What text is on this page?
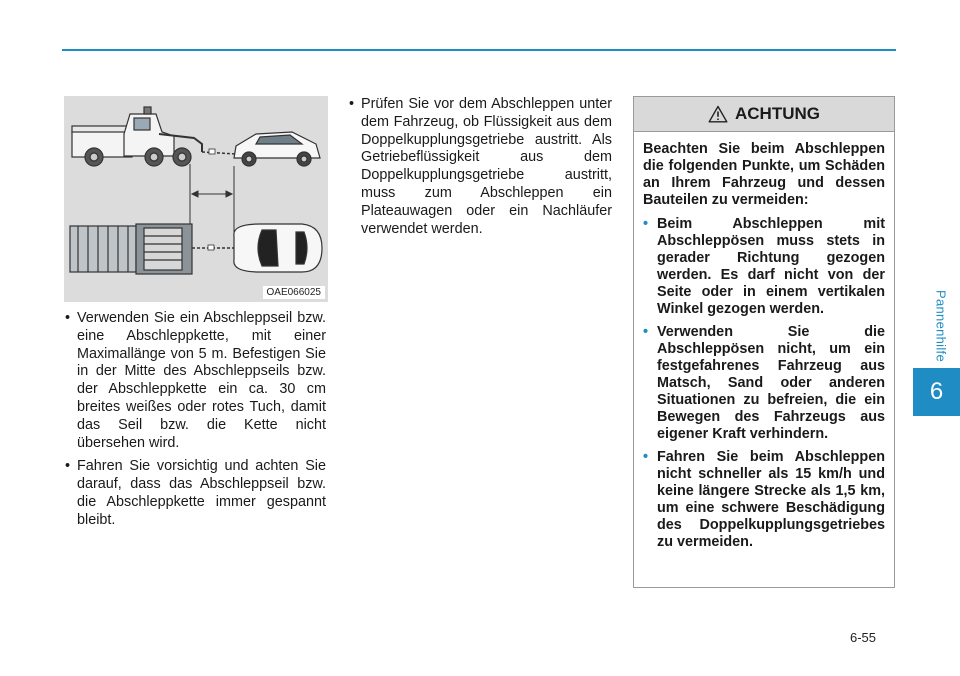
Pannenhilfe
6
OAE066025
• Verwenden Sie ein Abschleppseil bzw. eine Abschleppkette, mit einer Maximallänge von 5 m. Befestigen Sie in der Mitte des Abschleppseils bzw. der Abschleppkette ein ca. 30 cm breites weißes oder rotes Tuch, damit das Seil bzw. die Kette nicht übersehen wird.
• Fahren Sie vorsichtig und achten Sie darauf, dass das Abschleppseil bzw. die Abschleppkette immer gespannt bleibt.
• Prüfen Sie vor dem Abschleppen unter dem Fahrzeug, ob Flüssigkeit aus dem Doppelkupplungsgetriebe austritt. Als Getriebeflüssigkeit aus dem Doppelkupplungsgetriebe austritt, muss zum Abschleppen ein Plateauwagen oder ein Nachläufer verwendet werden.
ACHTUNG

Beachten Sie beim Abschleppen die folgenden Punkte, um Schäden an Ihrem Fahrzeug und dessen Bauteilen zu vermeiden:

• Beim Abschleppen mit Abschleppösen muss stets in gerader Richtung gezogen werden. Es darf nicht von der Seite oder in einem vertikalen Winkel gezogen werden.
• Verwenden Sie die Abschleppösen nicht, um ein festgefahrenes Fahrzeug aus Matsch, Sand oder anderen Situationen zu befreien, die ein Bewegen des Fahrzeugs aus eigener Kraft verhindern.
• Fahren Sie beim Abschleppen nicht schneller als 15 km/h und keine längere Strecke als 1,5 km, um eine schwere Beschädigung des Doppelkupplungsgetriebes zu vermeiden.
6-55
